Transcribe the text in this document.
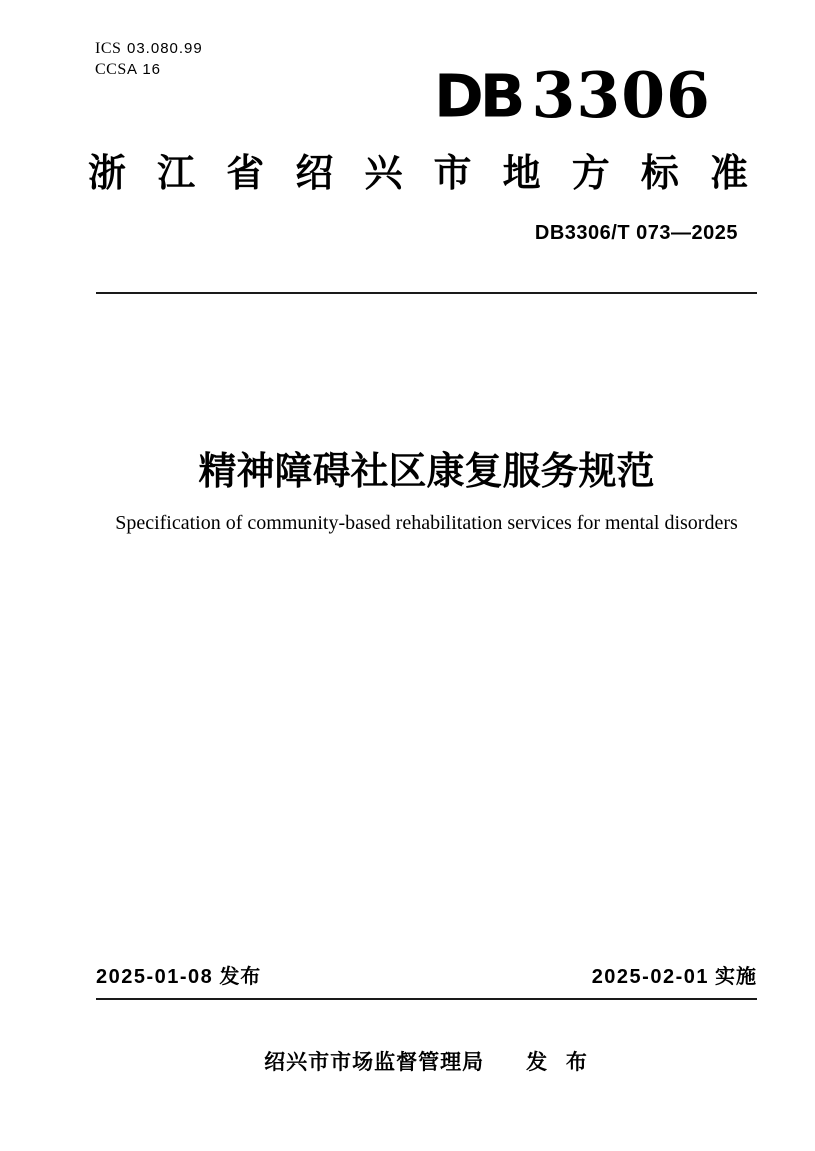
ICS 03.080.99
CCS A 16	DB 3306
浙 江 省 绍 兴 市 地 方 标 准
DB3306/T 073—2025
精神障碍社区康复服务规范
Specification of community-based rehabilitation services for mental disorders
2025-01-08 发布	2025-02-01 实施
绍兴市市场监督管理局 发 布
